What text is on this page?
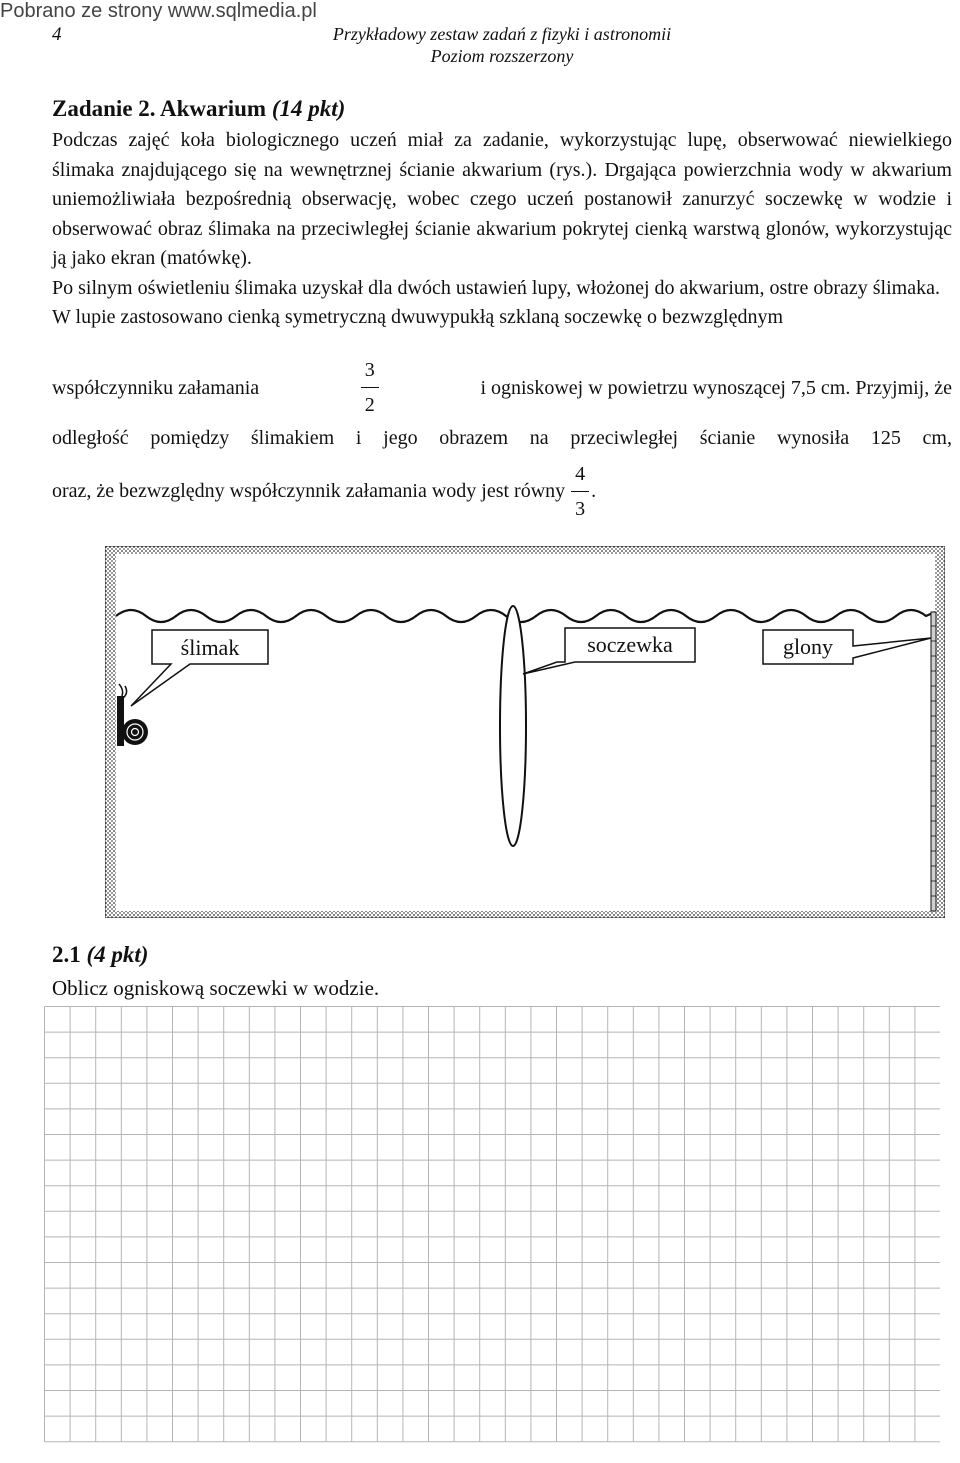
Pobrano ze strony www.sqlmedia.pl
4	Przykładowy zestaw zadań z fizyki i astronomii
Poziom rozszerzony
Zadanie 2. Akwarium (14 pkt)

Podczas zajęć koła biologicznego uczeń miał za zadanie, wykorzystując lupę, obserwować niewielkiego ślimaka znajdującego się na wewnętrznej ścianie akwarium (rys.). Drgająca powierzchnia wody w akwarium uniemożliwiała bezpośrednią obserwację, wobec czego uczeń postanowił zanurzyć soczewkę w wodzie i obserwować obraz ślimaka na przeciwległej ścianie akwarium pokrytej cienką warstwą glonów, wykorzystując ją jako ekran (matówkę).

Po silnym oświetleniu ślimaka uzyskał dla dwóch ustawień lupy, włożonej do akwarium, ostre obrazy ślimaka.

W lupie zastosowano cienką symetryczną dwuwypukłą szklaną soczewkę o bezwzględnym

współczynniku załamania	$\frac{3}{2}$	i ogniskowej w powietrzu wynoszącej 7,5 cm. Przyjmij, że
odległość pomiędzy ślimakiem i jego obrazem na przeciwległej ścianie wynosiła 125 cm,
oraz, że bezwzględny współczynnik załamania wody jest równy $\frac{4}{3}$ .
ślimak	soczewka	glony
2.1 (4 pkt)
Oblicz ogniskową soczewki w wodzie.
